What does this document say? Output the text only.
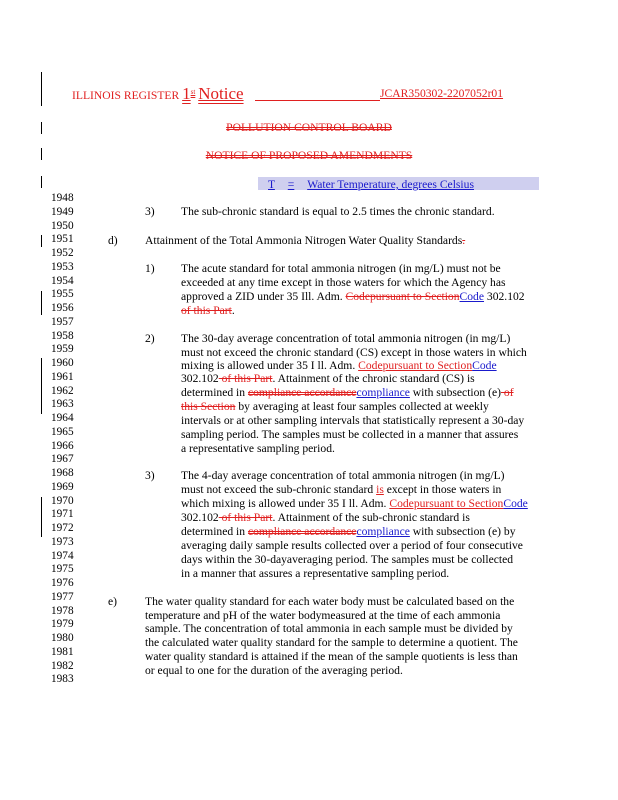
ILLINOIS REGISTER 1st Notice	JCAR350302-2207052r01
POLLUTION CONTROL BOARD
NOTICE OF PROPOSED AMENDMENTS
T = Water Temperature, degrees Celsius
1948
1949
1950
1951
1952
1953
1954
1955
1956
1957
1958
1959
1960
1961
1962
1963
1964
1965
1966
1967
1968
1969
1970
1971
1972
1973
1974
1975
1976
1977
1978
1979
1980
1981
1982
1983
3) The sub-chronic standard is equal to 2.5 times the chronic standard.
d) Attainment of the Total Ammonia Nitrogen Water Quality Standards.
1) The acute standard for total ammonia nitrogen (in mg/L) must not be
exceeded at any time except in those waters for which the Agency has
approved a ZID under 35 Ill. Adm. Codepursuant to SectionCode 302.102
of this Part.
2) The 30-day average concentration of total ammonia nitrogen (in mg/L)
must not exceed the chronic standard (CS) except in those waters in which
mixing is allowed under 35 I ll. Adm. Codepursuant to SectionCode
302.102 of this Part. Attainment of the chronic standard (CS) is
determined in compliance accordancecompliance with subsection (e) of
this Section by averaging at least four samples collected at weekly
intervals or at other sampling intervals that statistically represent a 30-day
sampling period. The samples must be collected in a manner that assures
a representative sampling period.
3) The 4-day average concentration of total ammonia nitrogen (in mg/L)
must not exceed the sub-chronic standard is except in those waters in
which mixing is allowed under 35 I ll. Adm. Codepursuant to SectionCode
302.102 of this Part. Attainment of the sub-chronic standard is
determined in compliance accordancecompliance with subsection (e) by
averaging daily sample results collected over a period of four consecutive
days within the 30-dayaveraging period. The samples must be collected
in a manner that assures a representative sampling period.
e) The water quality standard for each water body must be calculated based on the
temperature and pH of the water bodymeasured at the time of each ammonia
sample. The concentration of total ammonia in each sample must be divided by
the calculated water quality standard for the sample to determine a quotient. The
water quality standard is attained if the mean of the sample quotients is less than
or equal to one for the duration of the averaging period.
